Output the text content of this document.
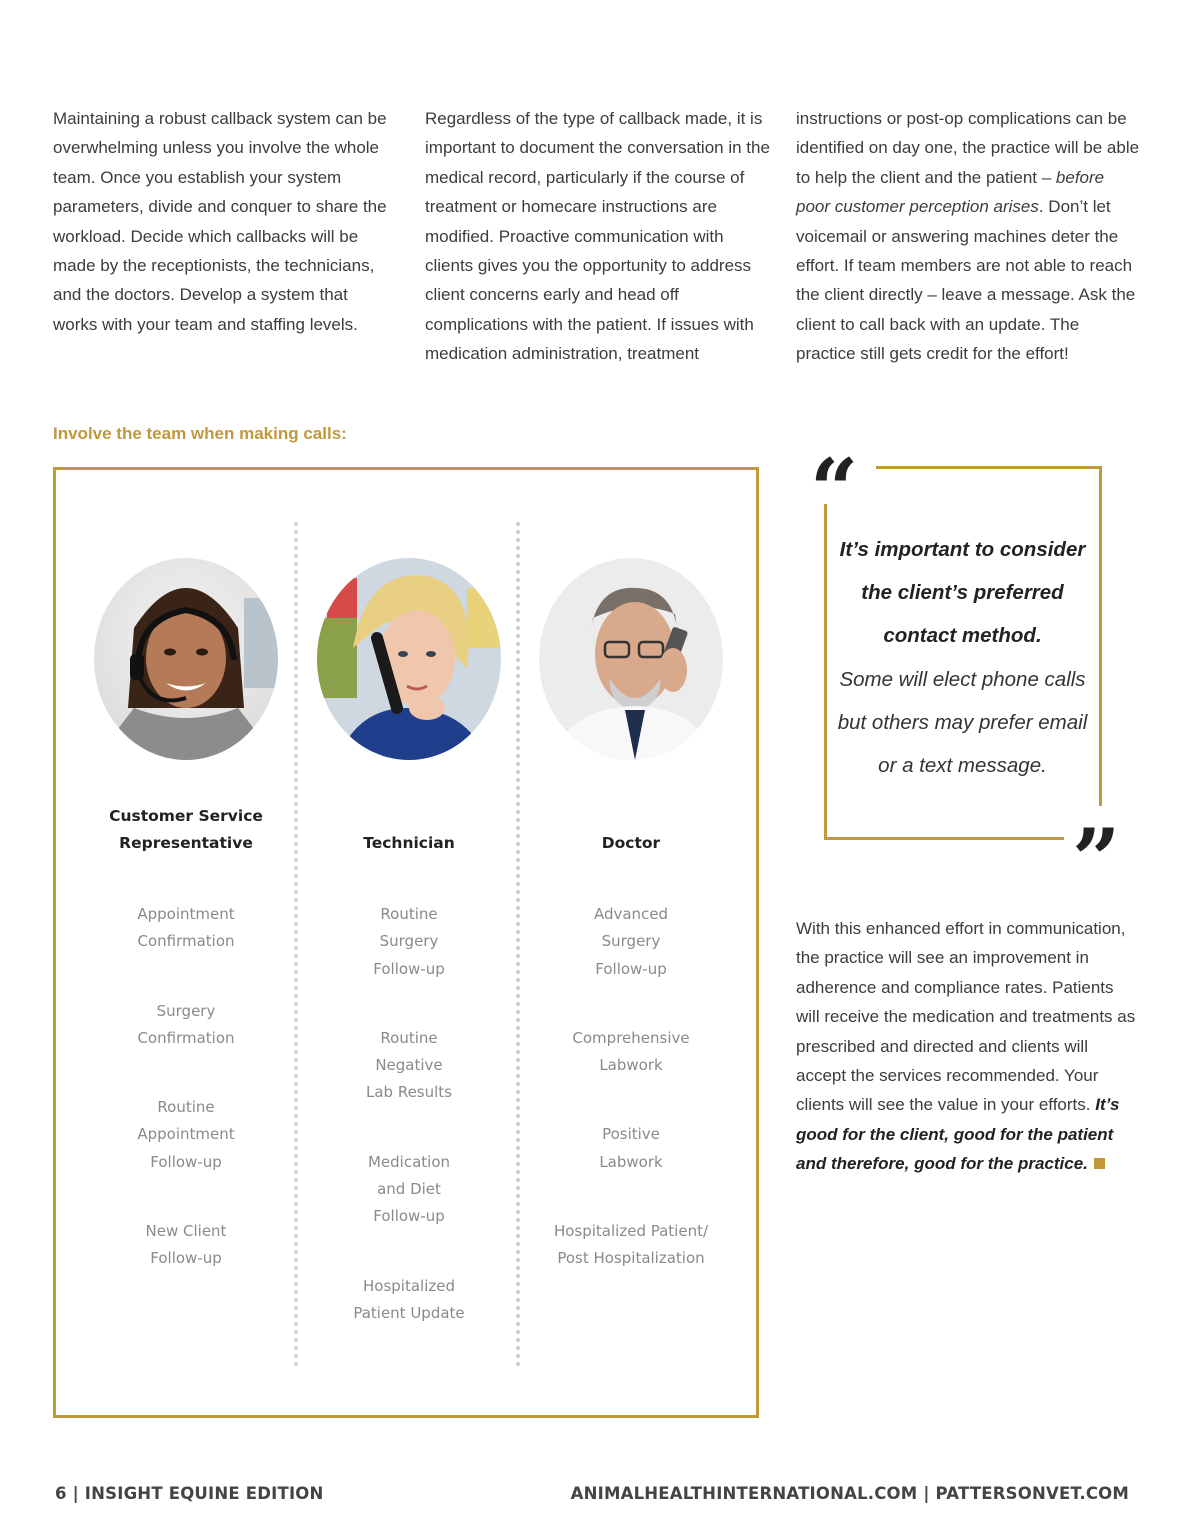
Maintaining a robust callback system can be overwhelming unless you involve the whole team. Once you establish your system parameters, divide and conquer to share the workload. Decide which callbacks will be made by the receptionists, the technicians, and the doctors. Develop a system that works with your team and staffing levels.
Regardless of the type of callback made, it is important to document the conversation in the medical record, particularly if the course of treatment or homecare instructions are modified. Proactive communication with clients gives you the opportunity to address client concerns early and head off complications with the patient. If issues with medication administration, treatment
instructions or post-op complications can be identified on day one, the practice will be able to help the client and the patient – before poor customer perception arises. Don’t let voicemail or answering machines deter the effort. If team members are not able to reach the client directly – leave a message. Ask the client to call back with an update. The practice still gets credit for the effort!
Involve the team when making calls:
Customer Service Representative
Appointment
Confirmation
Surgery
Confirmation
Routine
Appointment
Follow-up
New Client
Follow-up
Technician
Routine
Surgery
Follow-up
Routine
Negative
Lab Results
Medication
and Diet
Follow-up
Hospitalized
Patient Update
Doctor
Advanced
Surgery
Follow-up
Comprehensive
Labwork
Positive
Labwork
Hospitalized Patient/
Post Hospitalization
“
”
It’s important to consider the client’s preferred contact method.
Some will elect phone calls but others may prefer email or a text message.
With this enhanced effort in communication, the practice will see an improvement in adherence and compliance rates. Patients will receive the medication and treatments as prescribed and directed and clients will accept the services recommended. Your clients will see the value in your efforts. It’s good for the client, good for the patient and therefore, good for the practice.
6 | INSIGHT EQUINE EDITION	ANIMALHEALTHINTERNATIONAL.COM | PATTERSONVET.COM
